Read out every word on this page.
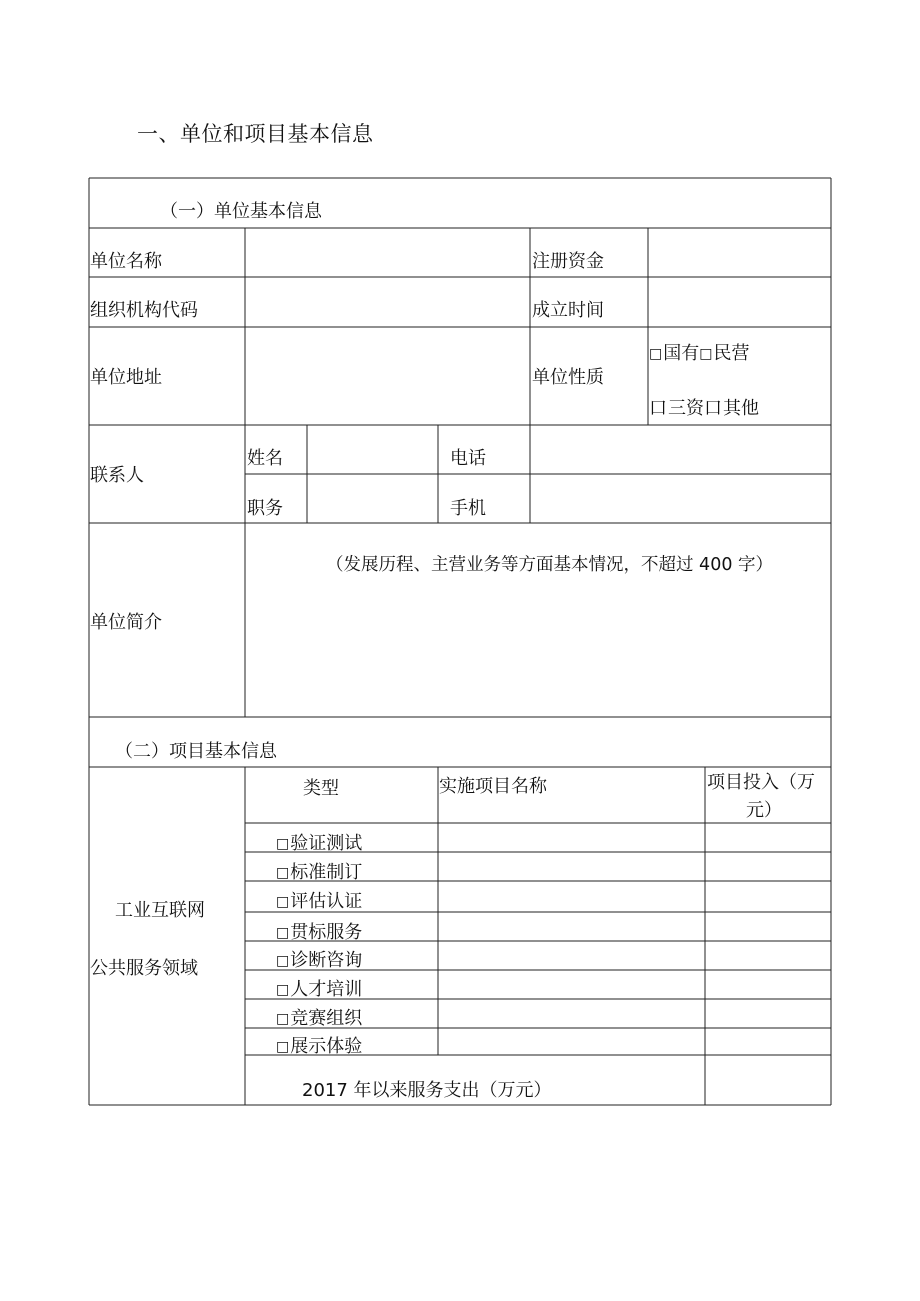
一、单位和项目基本信息
（一）单位基本信息
单位名称	注册资金
组织机构代码	成立时间
单位地址	单位性质
□国有□民营
口三资口其他
联系人
姓名	电话
职务	手机
单位简介
（发展历程、主营业务等方面基本情况，不超过 400 字）
（二）项目基本信息
工业互联网
公共服务领域
类型	实施项目名称	项目投入（万
元）
□验证测试
□标准制订
□评估认证
□贯标服务
□诊断咨询
□人才培训
□竞赛组织
□展示体验
2017 年以来服务支出（万元）
